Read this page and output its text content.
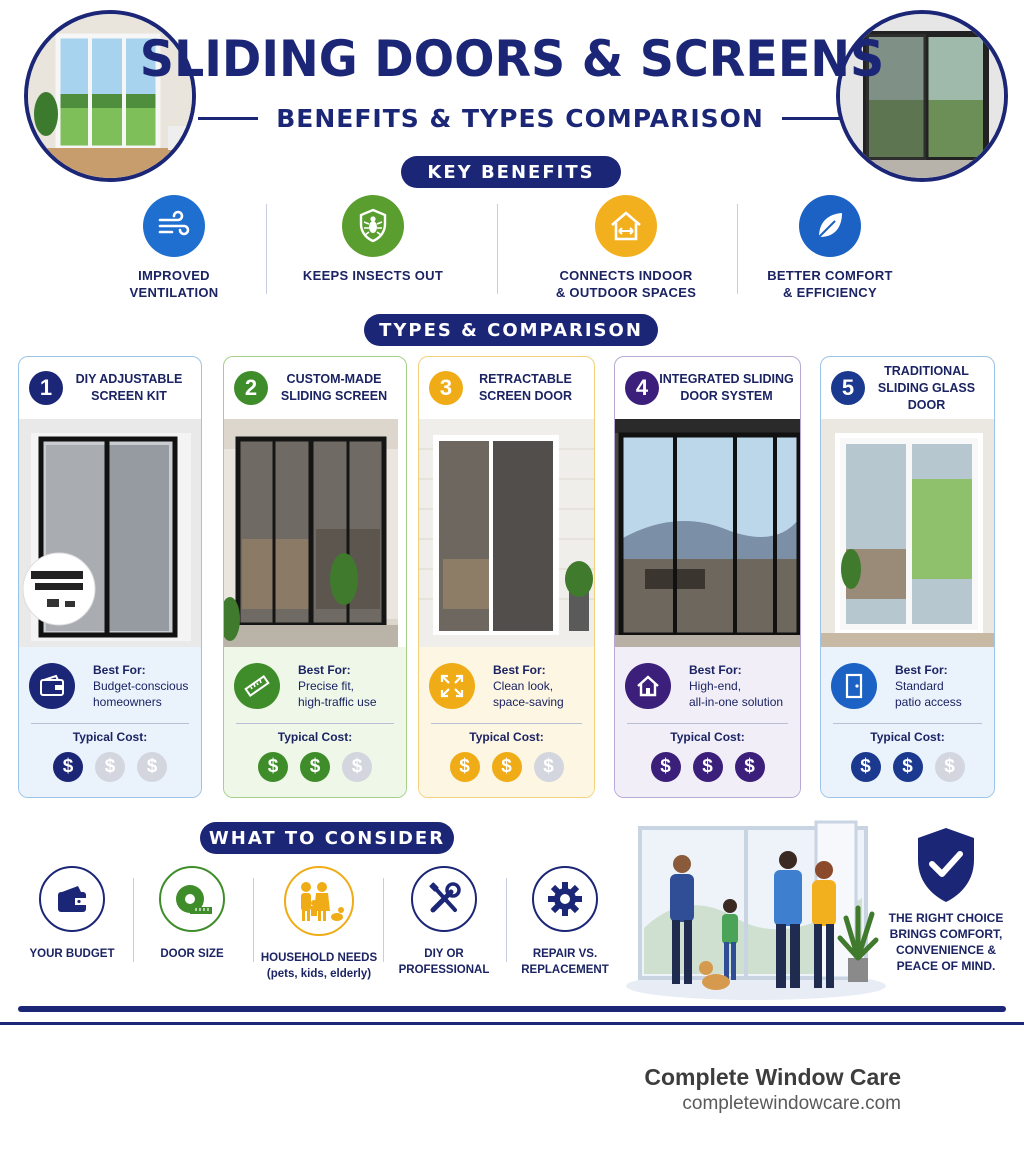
SLIDING DOORS & SCREENS
BENEFITS & TYPES COMPARISON
KEY BENEFITS
IMPROVED
VENTILATION
KEEPS INSECTS OUT	CONNECTS INDOOR
& OUTDOOR SPACES
BETTER COMFORT
& EFFICIENCY
TYPES & COMPARISON
1	DIY ADJUSTABLE
SCREEN KIT
Best For:
Budget-conscious
homeowners
Typical Cost:
$	$	$
2	CUSTOM-MADE
SLIDING SCREEN
Best For:
Precise fit,
high-traffic use
Typical Cost:
$	$	$
3	RETRACTABLE
SCREEN DOOR
Best For:
Clean look,
space-saving
Typical Cost:
$	$	$
4 INTEGRATED SLIDING
DOOR SYSTEM
Best For:
High-end,
all-in-one solution
Typical Cost:
$	$	$
5
TRADITIONAL
SLIDING GLASS DOOR
Best For:
Standard
patio access
Typical Cost:
$	$	$
WHAT TO CONSIDER
YOUR BUDGET	DOOR SIZE	HOUSEHOLD NEEDS
(pets, kids, elderly)
DIY OR
PROFESSIONAL
REPAIR VS.
REPLACEMENT
THE RIGHT CHOICE
BRINGS COMFORT,
CONVENIENCE &
PEACE OF MIND.
Complete Window Care
completewindowcare.com
